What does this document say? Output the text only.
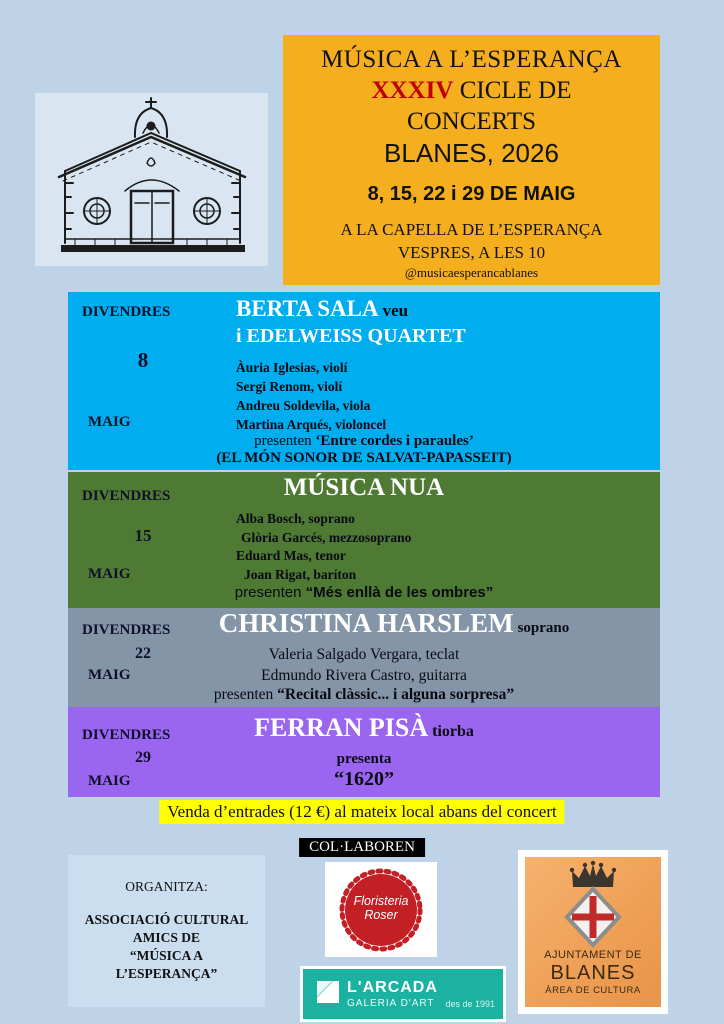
MÚSICA A L’ESPERANÇA
XXXIV CICLE DE
CONCERTS
BLANES, 2026
8, 15, 22 i 29 DE MAIG
A LA CAPELLA DE L’ESPERANÇA
VESPRES, A LES 10
@musicaesperancablanes
DIVENDRES
8
MAIG
BERTA SALA veu
i EDELWEISS QUARTET
Àuria Iglesias, violí
Sergi Renom, violí
Andreu Soldevila, viola
Martina Arqués, violoncel
presenten ‘Entre cordes i paraules’
(EL MÓN SONOR DE SALVAT-PAPASSEIT)
DIVENDRES
15
MAIG
MÚSICA NUA
Alba Bosch, soprano
Glòria Garcés, mezzosoprano
Eduard Mas, tenor
Joan Rigat, baríton
presenten “Més enllà de les ombres”
DIVENDRES
22
MAIG
CHRISTINA HARSLEM soprano
Valeria Salgado Vergara, teclat
Edmundo Rivera Castro, guitarra
presenten “Recital clàssic... i alguna sorpresa”
DIVENDRES
29
MAIG
FERRAN PISÀ tiorba
presenta
“1620”
Venda d’entrades (12 €) al mateix local abans del concert
COL·LABOREN
ORGANITZA:
ASSOCIACIÓ CULTURAL
AMICS DE
“MÚSICA A
L’ESPERANÇA”
Floristeria
Roser
L'ARCADA
GALERIA D'ART des de 1991
AJUNTAMENT DE
BLANES
ÀREA DE CULTURA
